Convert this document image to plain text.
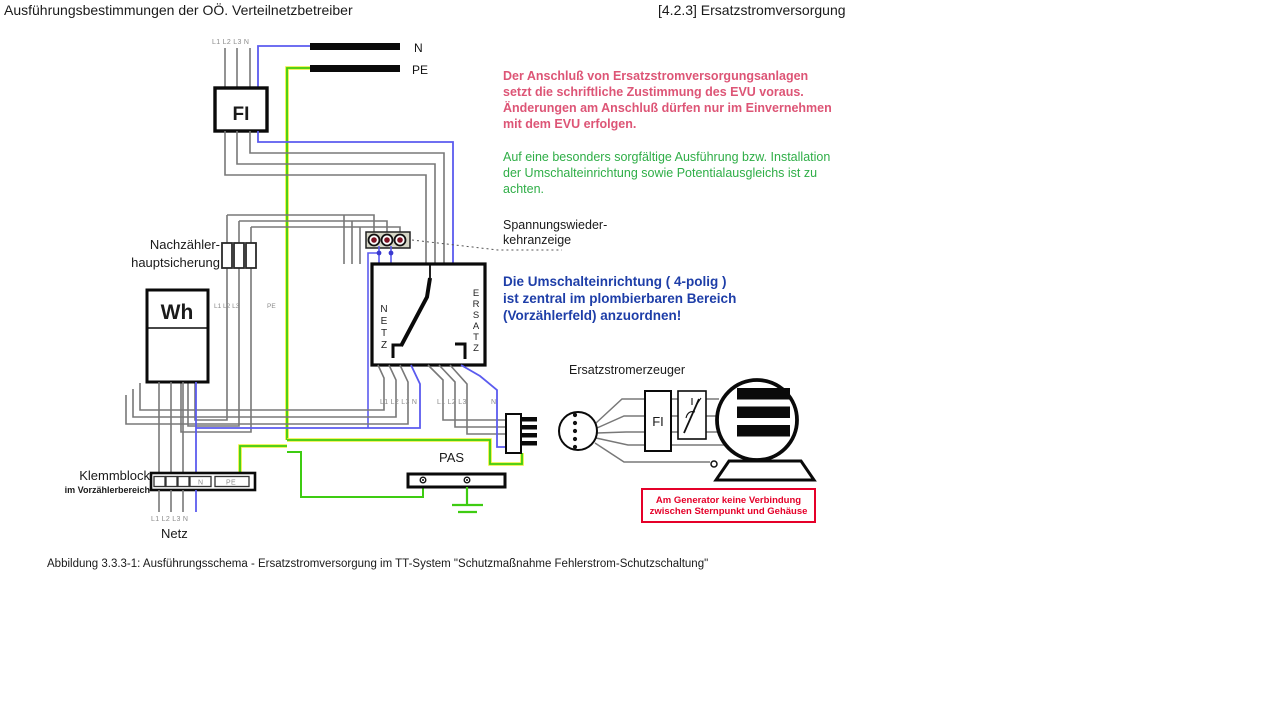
L1 L2 L3 N	N
PE
FI
Wh	L1 L2 L3	PE	N E T Z
E R S A T Z
L1 L2 L3 N	L1 L2 L3	N
N	PE
L1 L2 L3 N
FI
Ausführungsbestimmungen der OÖ. Verteilnetzbetreiber	[4.2.3] Ersatzstromversorgung
Der Anschluß von Ersatzstromversorgungsanlagen
setzt die schriftliche Zustimmung des EVU voraus.
Änderungen am Anschluß dürfen nur im Einvernehmen
mit dem EVU erfolgen.
Auf eine besonders sorgfältige Ausführung bzw. Installation
der Umschalteinrichtung sowie Potentialausgleichs ist zu
achten.
Spannungswieder-
kehranzeige
Die Umschalteinrichtung ( 4-polig )
ist zentral im plombierbaren Bereich
(Vorzählerfeld) anzuordnen!
Nachzähler-
hauptsicherung
Klemmblock
im Vorzählerbereich
Netz
PAS
Ersatzstromerzeuger
Am Generator keine Verbindung
zwischen Sternpunkt und Gehäuse
Abbildung 3.3.3-1: Ausführungsschema - Ersatzstromversorgung im TT-System "Schutzmaßnahme Fehlerstrom-Schutzschaltung"
